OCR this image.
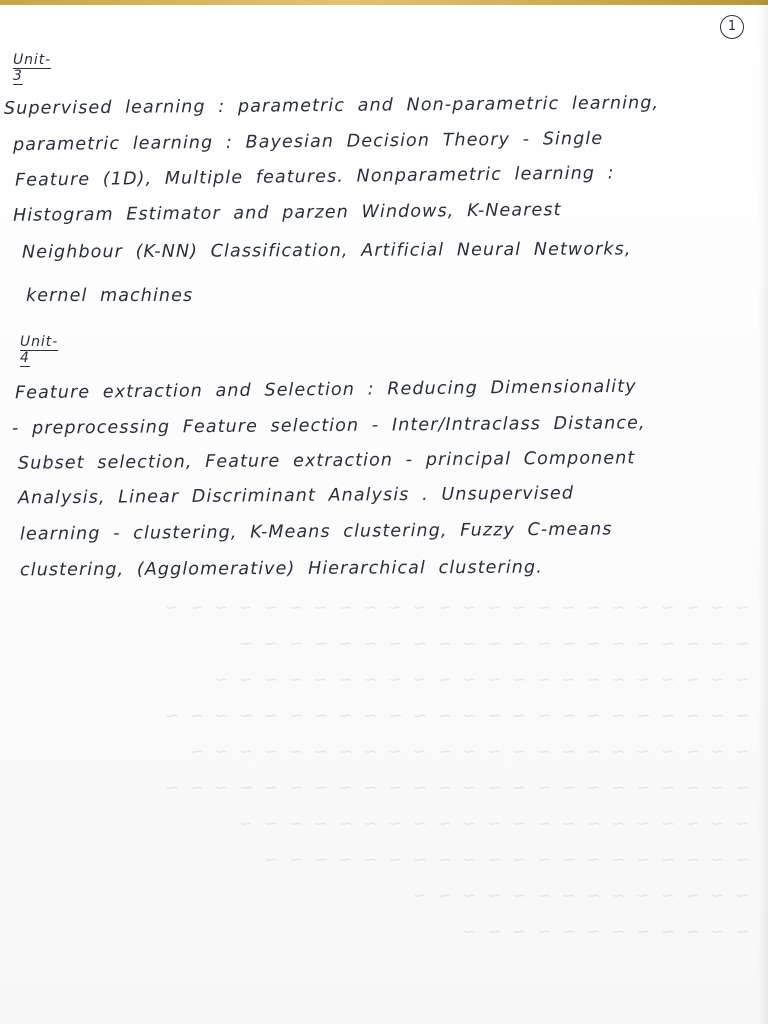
~ ~ ~ ~ ~ ~ ~ ~ ~ ~ ~ ~ ~ ~ ~ ~ ~ ~ ~ ~ ~ ~ ~ ~
~ ~ ~ ~ ~ ~ ~ ~ ~ ~ ~ ~ ~ ~ ~ ~ ~ ~ ~ ~ ~
~ ~ ~ ~ ~ ~ ~ ~ ~ ~ ~ ~ ~ ~ ~ ~ ~ ~ ~ ~ ~ ~
~ ~ ~ ~ ~ ~ ~ ~ ~ ~ ~ ~ ~ ~ ~ ~ ~ ~ ~ ~ ~ ~ ~ ~
~ ~ ~ ~ ~ ~ ~ ~ ~ ~ ~ ~ ~ ~ ~ ~ ~ ~ ~ ~ ~ ~ ~
~ ~ ~ ~ ~ ~ ~ ~ ~ ~ ~ ~ ~ ~ ~ ~ ~ ~ ~ ~ ~ ~ ~ ~
~ ~ ~ ~ ~ ~ ~ ~ ~ ~ ~ ~ ~ ~ ~ ~ ~ ~ ~ ~ ~
~ ~ ~ ~ ~ ~ ~ ~ ~ ~ ~ ~ ~ ~ ~ ~ ~ ~ ~ ~
~ ~ ~ ~ ~ ~ ~ ~ ~ ~ ~ ~ ~ ~
~ ~ ~ ~ ~ ~ ~ ~ ~ ~ ~ ~
1
Unit-3
Supervised learning : parametric and Non-parametric learning,
parametric learning : Bayesian Decision Theory - Single
Feature (1D), Multiple features. Nonparametric learning :
Histogram Estimator and parzen Windows, K-Nearest
Neighbour (K-NN) Classification, Artificial Neural Networks,
kernel machines
Unit-4
Feature extraction and Selection : Reducing Dimensionality
- preprocessing Feature selection - Inter/Intraclass Distance,
Subset selection, Feature extraction - principal Component
Analysis, Linear Discriminant Analysis . Unsupervised
learning - clustering, K-Means clustering, Fuzzy C-means
clustering, (Agglomerative) Hierarchical clustering.
